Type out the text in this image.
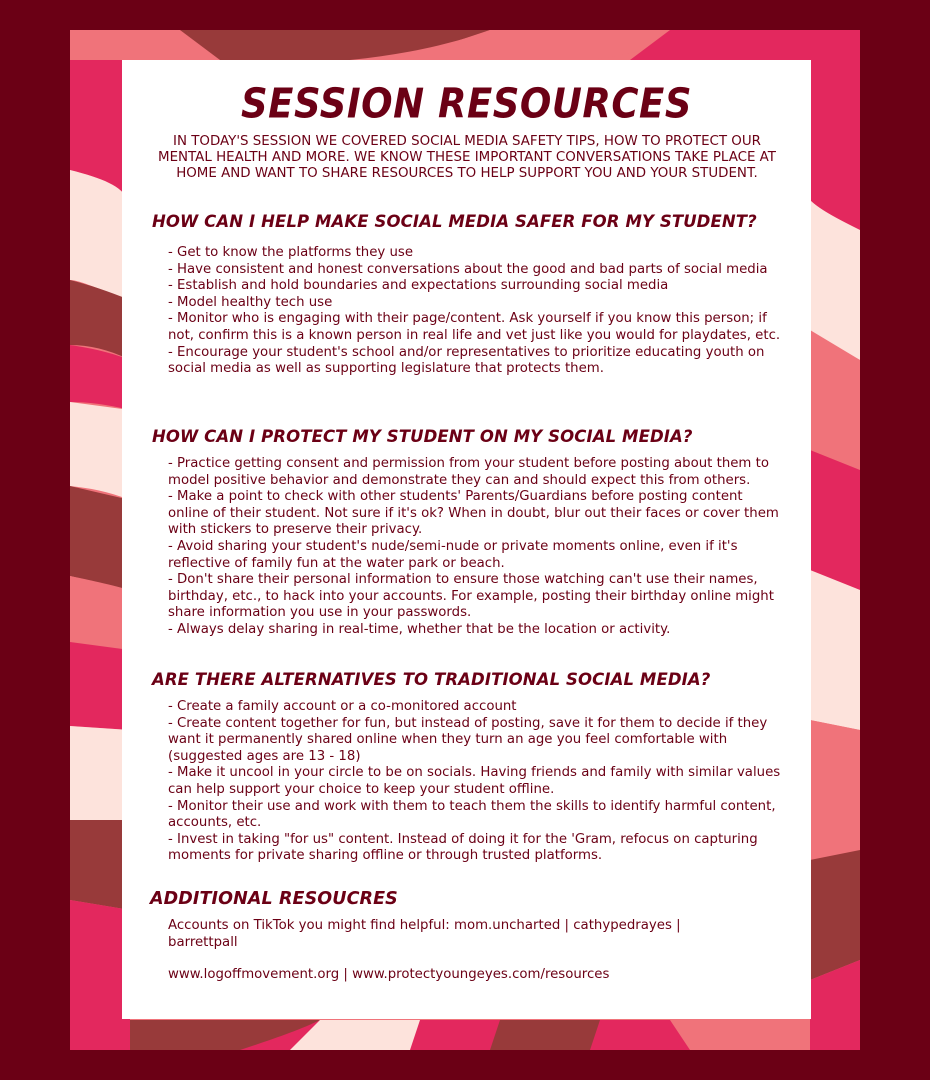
SESSION RESOURCES
IN TODAY'S SESSION WE COVERED SOCIAL MEDIA SAFETY TIPS, HOW TO PROTECT OUR MENTAL HEALTH AND MORE. WE KNOW THESE IMPORTANT CONVERSATIONS TAKE PLACE AT HOME AND WANT TO SHARE RESOURCES TO HELP SUPPORT YOU AND YOUR STUDENT.
HOW CAN I HELP MAKE SOCIAL MEDIA SAFER FOR MY STUDENT?
- Get to know the platforms they use
- Have consistent and honest conversations about the good and bad parts of social media
- Establish and hold boundaries and expectations surrounding social media
- Model healthy tech use
- Monitor who is engaging with their page/content. Ask yourself if you know this person; if not, confirm this is a known person in real life and vet just like you would for playdates, etc.
- Encourage your student's school and/or representatives to prioritize educating youth on social media as well as supporting legislature that protects them.
HOW CAN I PROTECT MY STUDENT ON MY SOCIAL MEDIA?
- Practice getting consent and permission from your student before posting about them to model positive behavior and demonstrate they can and should expect this from others.
- Make a point to check with other students' Parents/Guardians before posting content online of their student. Not sure if it's ok? When in doubt, blur out their faces or cover them with stickers to preserve their privacy.
- Avoid sharing your student's nude/semi-nude or private moments online, even if it's reflective of family fun at the water park or beach.
- Don't share their personal information to ensure those watching can't use their names, birthday, etc., to hack into your accounts. For example, posting their birthday online might share information you use in your passwords.
- Always delay sharing in real-time, whether that be the location or activity.
ARE THERE ALTERNATIVES TO TRADITIONAL SOCIAL MEDIA?
- Create a family account or a co-monitored account
- Create content together for fun, but instead of posting, save it for them to decide if they want it permanently shared online when they turn an age you feel comfortable with (suggested ages are 13 - 18)
- Make it uncool in your circle to be on socials. Having friends and family with similar values can help support your choice to keep your student offline.
- Monitor their use and work with them to teach them the skills to identify harmful content, accounts, etc.
- Invest in taking "for us" content. Instead of doing it for the 'Gram, refocus on capturing moments for private sharing offline or through trusted platforms.
ADDITIONAL RESOUCRES
Accounts on TikTok you might find helpful: mom.uncharted | cathypedrayes | barrettpall
www.logoffmovement.org | www.protectyoungeyes.com/resources
